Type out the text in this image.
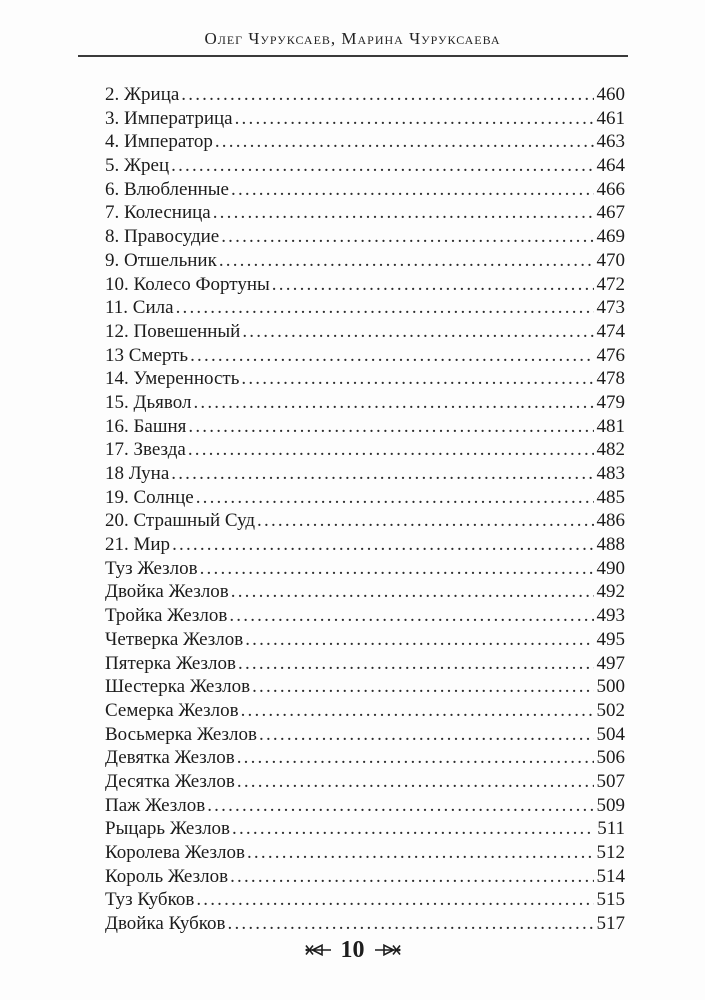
Олег Чуруксаев, Марина Чуруксаева
2. Жрица .....	460
3. Императрица .....	461
4. Император .....	463
5. Жрец .....	464
6. Влюбленные .....	466
7. Колесница .....	467
8. Правосудие .....	469
9. Отшельник .....	470
10. Колесо Фортуны .....	472
11. Сила .....	473
12. Повешенный .....	474
13 Смерть .....	476
14. Умеренность .....	478
15. Дьявол .....	479
16. Башня .....	481
17. Звезда .....	482
18 Луна .....	483
19. Солнце .....	485
20. Страшный Суд .....	486
21. Мир .....	488
Туз Жезлов .....	490
Двойка Жезлов .....	492
Тройка Жезлов .....	493
Четверка Жезлов .....	495
Пятерка Жезлов .....	497
Шестерка Жезлов .....	500
Семерка Жезлов .....	502
Восьмерка Жезлов .....	504
Девятка Жезлов .....	506
Десятка Жезлов .....	507
Паж Жезлов .....	509
Рыцарь Жезлов .....	511
Королева Жезлов .....	512
Король Жезлов .....	514
Туз Кубков .....	515
Двойка Кубков .....	517
10
